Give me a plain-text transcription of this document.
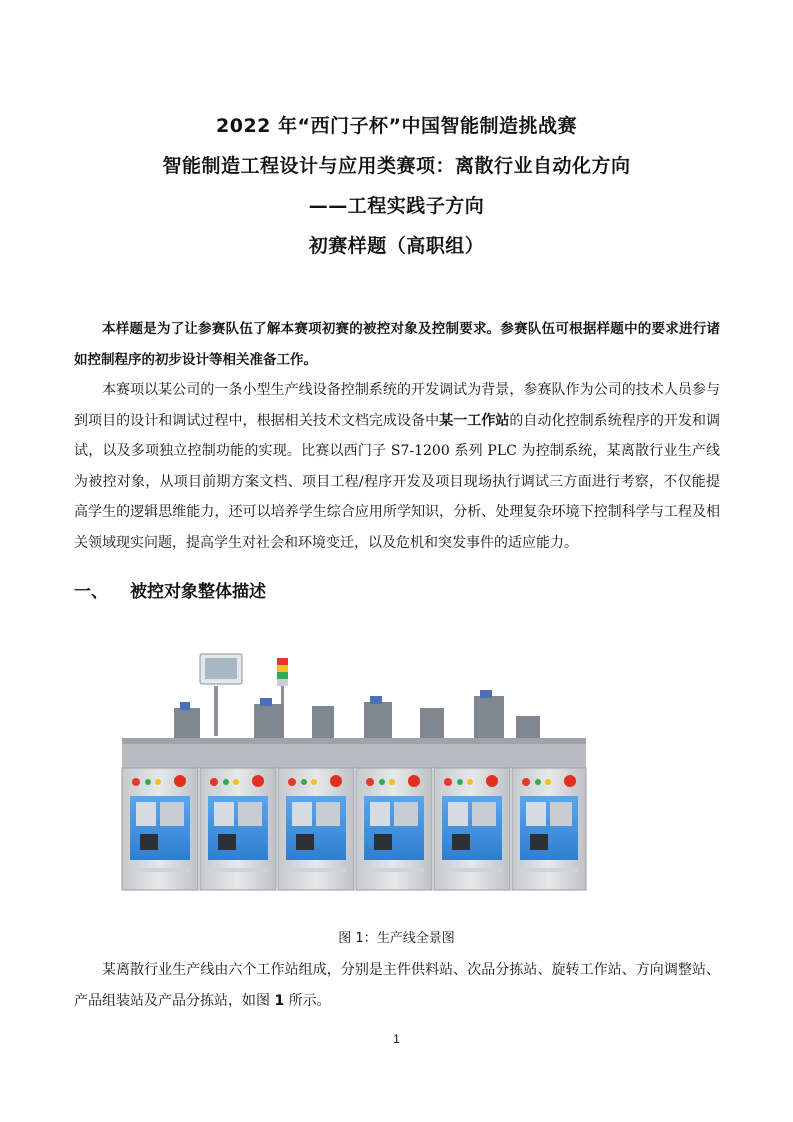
2022 年“西门子杯”中国智能制造挑战赛

智能制造工程设计与应用类赛项：离散行业自动化方向

——工程实践子方向

初赛样题（高职组）

本样题是为了让参赛队伍了解本赛项初赛的被控对象及控制要求。参赛队伍可根据样题中的要求进行诸如控制程序的初步设计等相关准备工作。

本赛项以某公司的一条小型生产线设备控制系统的开发调试为背景，参赛队作为公司的技术人员参与到项目的设计和调试过程中，根据相关技术文档完成设备中某一工作站的自动化控制系统程序的开发和调试，以及多项独立控制功能的实现。比赛以西门子 S7-1200 系列 PLC 为控制系统，某离散行业生产线为被控对象，从项目前期方案文档、项目工程/程序开发及项目现场执行调试三方面进行考察，不仅能提高学生的逻辑思维能力，还可以培养学生综合应用所学知识，分析、处理复杂环境下控制科学与工程及相关领域现实问题，提高学生对社会和环境变迁，以及危机和突发事件的适应能力。

一、 被控对象整体描述

图 1：生产线全景图

某离散行业生产线由六个工作站组成，分别是主件供料站、次品分拣站、旋转工作站、方向调整站、产品组装站及产品分拣站，如图 1 所示。

1
